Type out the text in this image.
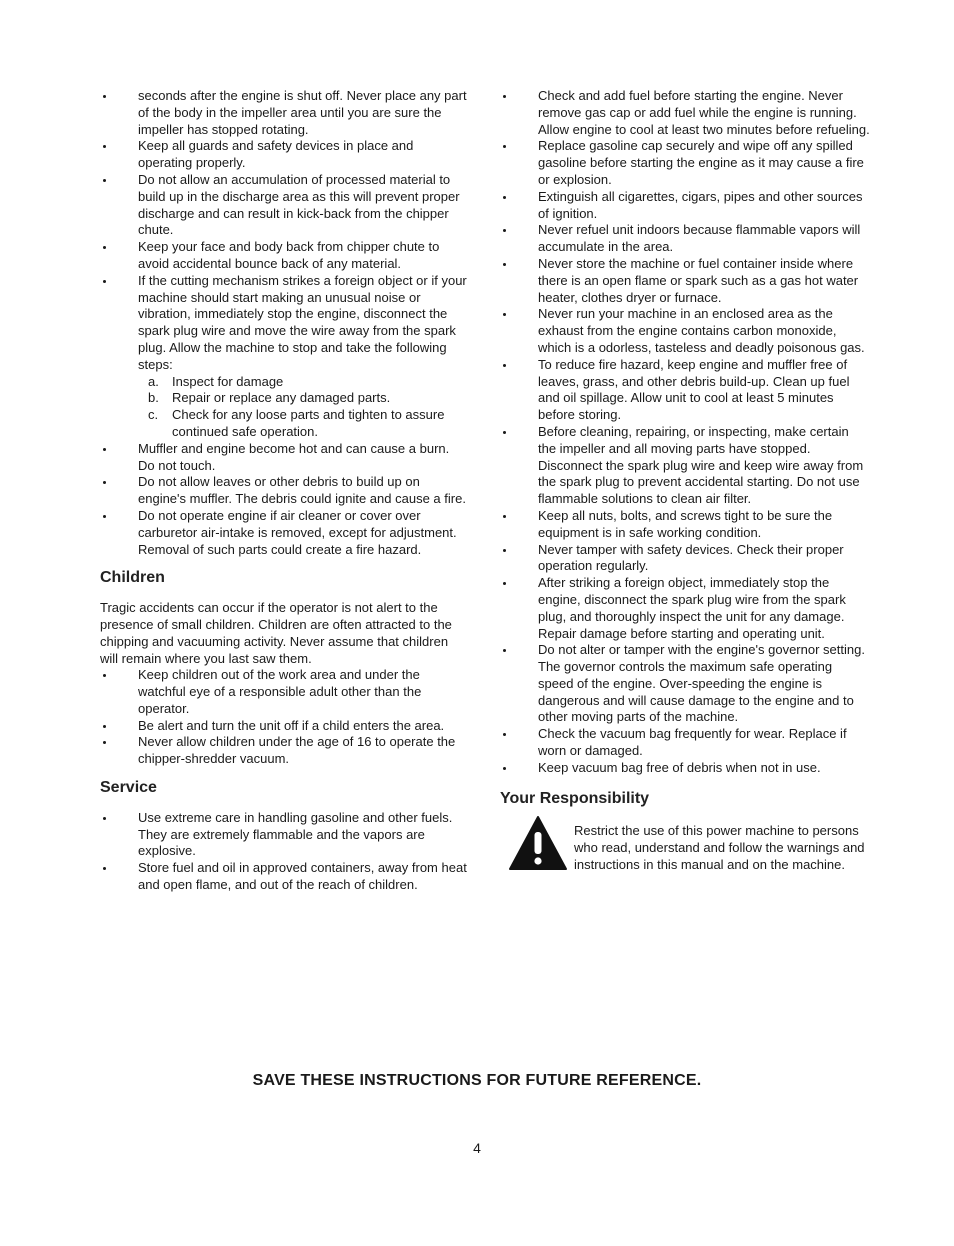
seconds after the engine is shut off. Never place any part of the body in the impeller area until you are sure the impeller has stopped rotating.
Keep all guards and safety devices in place and operating properly.
Do not allow an accumulation of processed material to build up in the discharge area as this will prevent proper discharge and can result in kick-back from the chipper chute.
Keep your face and body back from chipper chute to avoid accidental bounce back of any material.
If the cutting mechanism strikes a foreign object or if your machine should start making an unusual noise or vibration, immediately stop the engine, disconnect the spark plug wire and move the wire away from the spark plug. Allow the machine to stop and take the following steps:
a. Inspect for damage
b. Repair or replace any damaged parts.
c. Check for any loose parts and tighten to assure continued safe operation.
Muffler and engine become hot and can cause a burn. Do not touch.
Do not allow leaves or other debris to build up on engine's muffler. The debris could ignite and cause a fire.
Do not operate engine if air cleaner or cover over carburetor air-intake is removed, except for adjustment. Removal of such parts could create a fire hazard.
Children

Tragic accidents can occur if the operator is not alert to the presence of small children. Children are often attracted to the chipping and vacuuming activity. Never assume that children will remain where you last saw them.

Keep children out of the work area and under the watchful eye of a responsible adult other than the operator.
Be alert and turn the unit off if a child enters the area.
Never allow children under the age of 16 to operate the chipper-shredder vacuum.
Service
Use extreme care in handling gasoline and other fuels. They are extremely flammable and the vapors are explosive.
Store fuel and oil in approved containers, away from heat and open flame, and out of the reach of children.
Check and add fuel before starting the engine. Never remove gas cap or add fuel while the engine is running. Allow engine to cool at least two minutes before refueling.
Replace gasoline cap securely and wipe off any spilled gasoline before starting the engine as it may cause a fire or explosion.
Extinguish all cigarettes, cigars, pipes and other sources of ignition.
Never refuel unit indoors because flammable vapors will accumulate in the area.
Never store the machine or fuel container inside where there is an open flame or spark such as a gas hot water heater, clothes dryer or furnace.
Never run your machine in an enclosed area as the exhaust from the engine contains carbon monoxide, which is a odorless, tasteless and deadly poisonous gas.
To reduce fire hazard, keep engine and muffler free of leaves, grass, and other debris build-up. Clean up fuel and oil spillage. Allow unit to cool at least 5 minutes before storing.
Before cleaning, repairing, or inspecting, make certain the impeller and all moving parts have stopped. Disconnect the spark plug wire and keep wire away from the spark plug to prevent accidental starting. Do not use flammable solutions to clean air filter.
Keep all nuts, bolts, and screws tight to be sure the equipment is in safe working condition.
Never tamper with safety devices. Check their proper operation regularly.
After striking a foreign object, immediately stop the engine, disconnect the spark plug wire from the spark plug, and thoroughly inspect the unit for any damage. Repair damage before starting and operating unit.
Do not alter or tamper with the engine's governor setting. The governor controls the maximum safe operating speed of the engine. Over-speeding the engine is dangerous and will cause damage to the engine and to other moving parts of the machine.
Check the vacuum bag frequently for wear. Replace if worn or damaged.
Keep vacuum bag free of debris when not in use.
Your Responsibility
Restrict the use of this power machine to persons who read, understand and follow the warnings and instructions in this manual and on the machine.
SAVE THESE INSTRUCTIONS FOR FUTURE REFERENCE.
4
